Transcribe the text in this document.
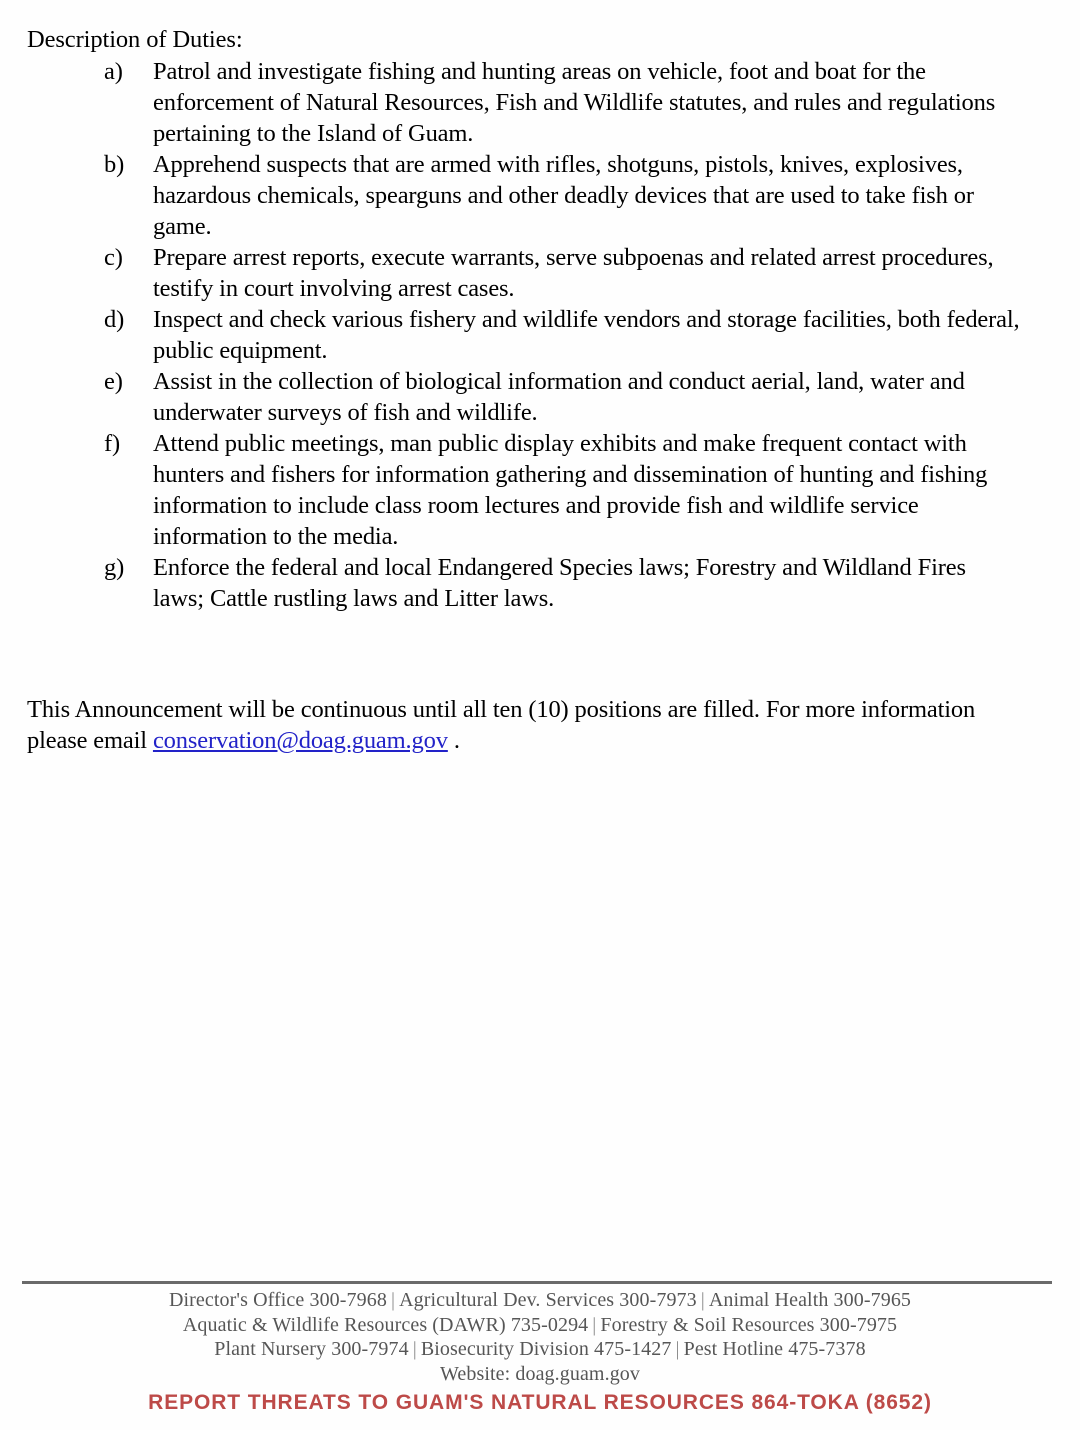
Description of Duties:
a)	Patrol and investigate fishing and hunting areas on vehicle, foot and boat for the enforcement of Natural Resources, Fish and Wildlife statutes, and rules and regulations pertaining to the Island of Guam.
b)	Apprehend suspects that are armed with rifles, shotguns, pistols, knives, explosives, hazardous chemicals, spearguns and other deadly devices that are used to take fish or game.
c)	Prepare arrest reports, execute warrants, serve subpoenas and related arrest procedures, testify in court involving arrest cases.
d)	Inspect and check various fishery and wildlife vendors and storage facilities, both federal, public equipment.
e)	Assist in the collection of biological information and conduct aerial, land, water and underwater surveys of fish and wildlife.
f)	Attend public meetings, man public display exhibits and make frequent contact with hunters and fishers for information gathering and dissemination of hunting and fishing information to include class room lectures and provide fish and wildlife service information to the media.
g)	Enforce the federal and local Endangered Species laws; Forestry and Wildland Fires laws; Cattle rustling laws and Litter laws.

This Announcement will be continuous until all ten (10) positions are filled. For more information please email conservation@doag.guam.gov .

Director's Office 300-7968 | Agricultural Dev. Services 300-7973 | Animal Health 300-7965
Aquatic & Wildlife Resources (DAWR) 735-0294 | Forestry & Soil Resources 300-7975
Plant Nursery 300-7974 | Biosecurity Division 475-1427 | Pest Hotline 475-7378
Website: doag.guam.gov
REPORT THREATS TO GUAM'S NATURAL RESOURCES 864-TOKA (8652)
